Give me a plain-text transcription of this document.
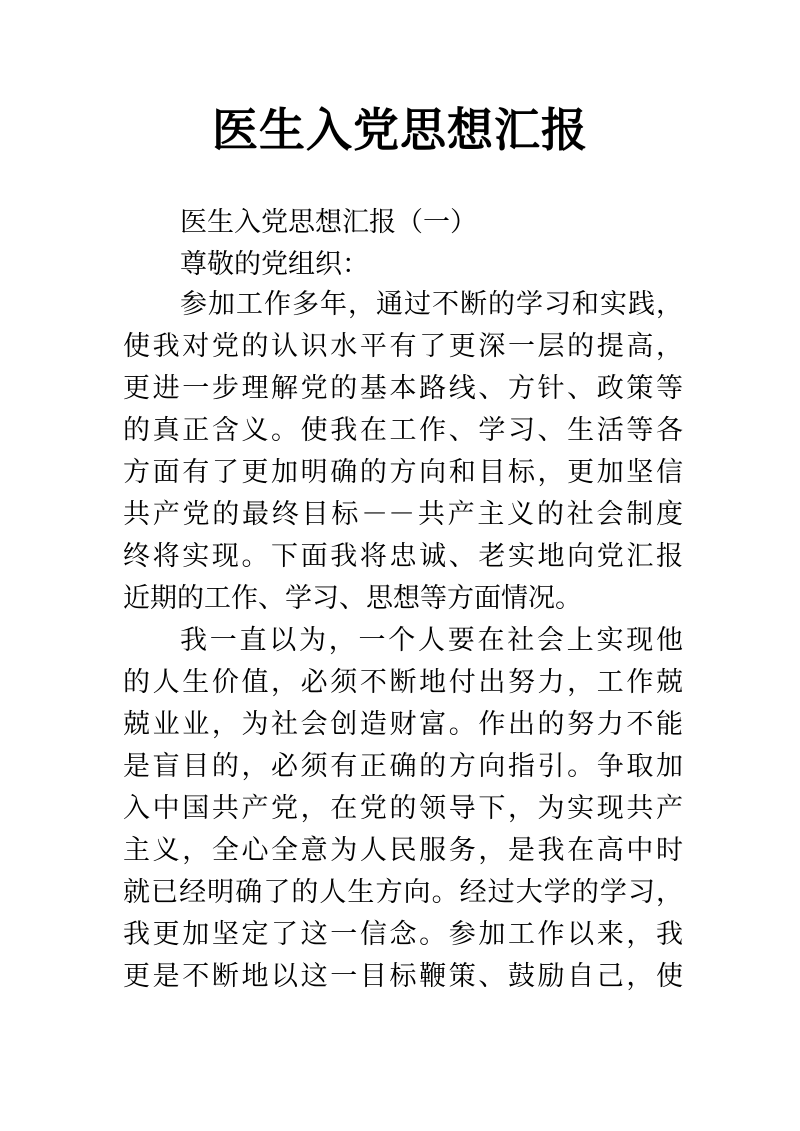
医生入党思想汇报
医生入党思想汇报（一）
尊敬的党组织：
参加工作多年，通过不断的学习和实践，
使我对党的认识水平有了更深一层的提高，
更进一步理解党的基本路线、方针、政策等
的真正含义。使我在工作、学习、生活等各
方面有了更加明确的方向和目标，更加坚信
共产党的最终目标－－共产主义的社会制度
终将实现。下面我将忠诚、老实地向党汇报
近期的工作、学习、思想等方面情况。
我一直以为，一个人要在社会上实现他
的人生价值，必须不断地付出努力，工作兢
兢业业，为社会创造财富。作出的努力不能
是盲目的，必须有正确的方向指引。争取加
入中国共产党，在党的领导下，为实现共产
主义，全心全意为人民服务，是我在高中时
就已经明确了的人生方向。经过大学的学习，
我更加坚定了这一信念。参加工作以来，我
更是不断地以这一目标鞭策、鼓励自己，使
